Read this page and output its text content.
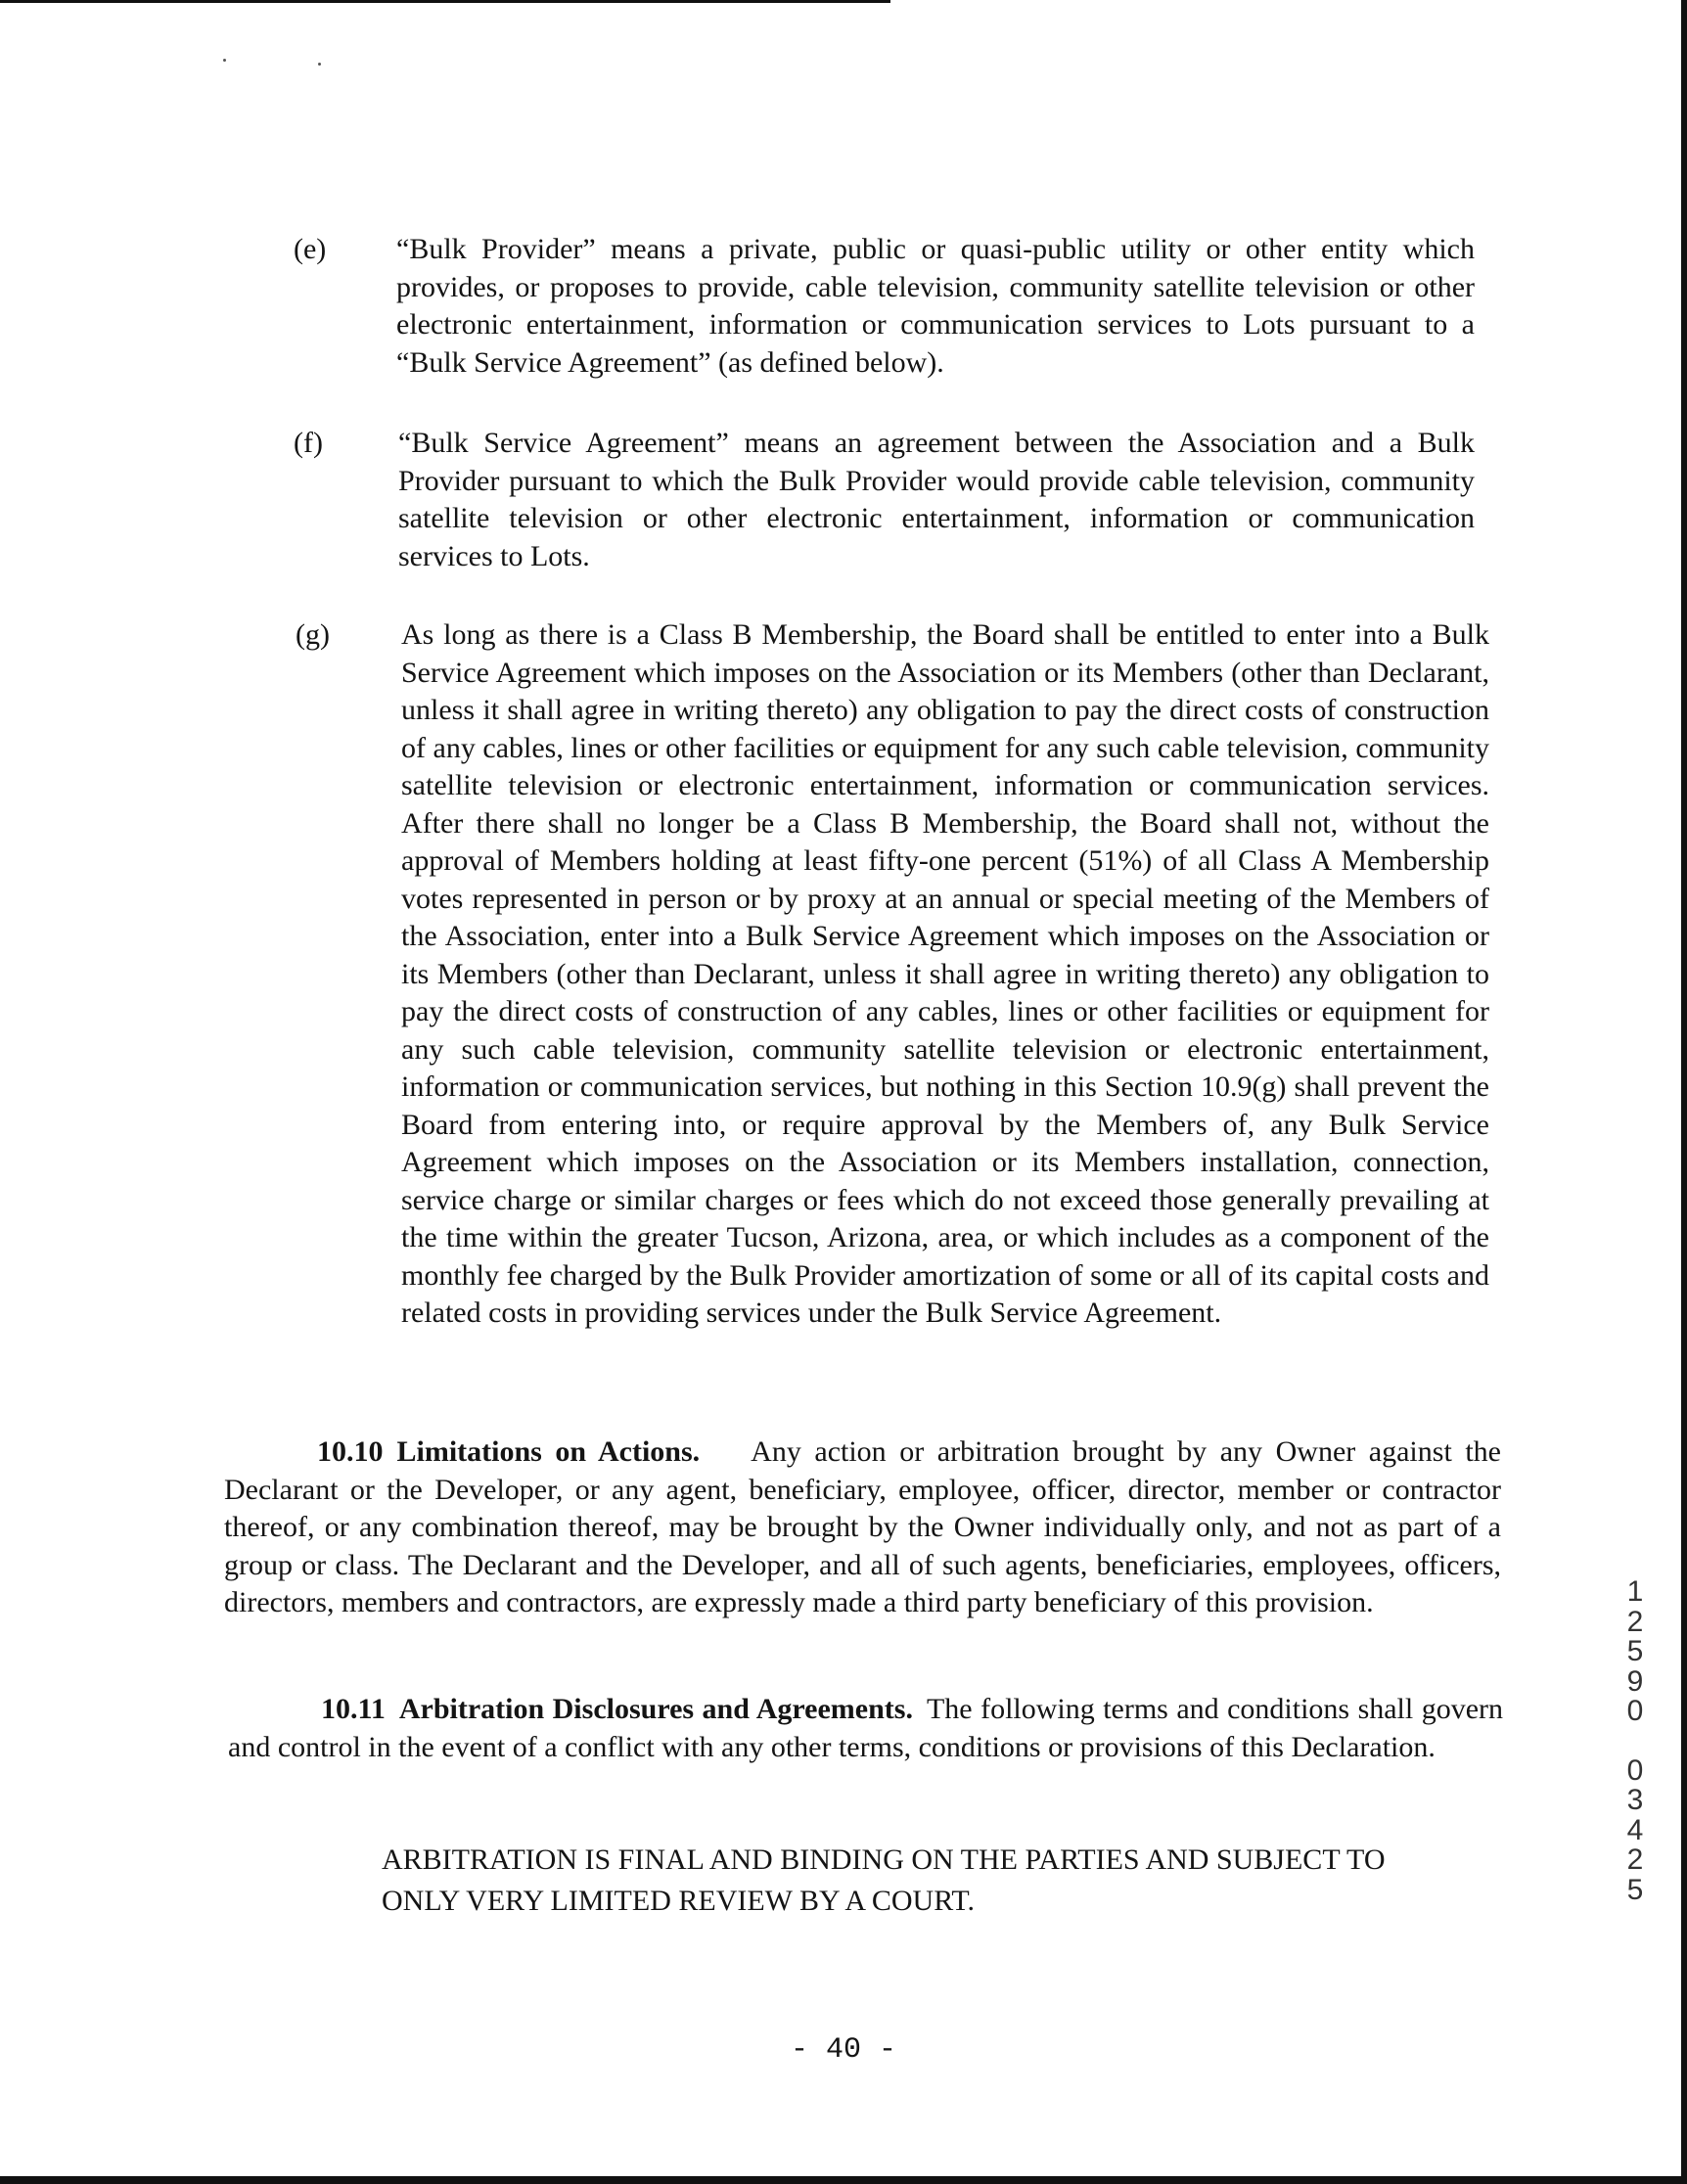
(e) “Bulk Provider” means a private, public or quasi-public utility or other entity which provides, or proposes to provide, cable television, community satellite television or other electronic entertainment, information or communication services to Lots pursuant to a “Bulk Service Agreement” (as defined below).
(f)	“Bulk Service Agreement” means an agreement between the Association and a Bulk Provider pursuant to which the Bulk Provider would provide cable television, community satellite television or other electronic entertainment, information or communication services to Lots.
(g) As long as there is a Class B Membership, the Board shall be entitled to enter into a Bulk Service Agreement which imposes on the Association or its Members (other than Declarant, unless it shall agree in writing thereto) any obligation to pay the direct costs of construction of any cables, lines or other facilities or equipment for any such cable television, community satellite television or electronic entertainment, information or communication services. After there shall no longer be a Class B Membership, the Board shall not, without the approval of Members holding at least fifty-one percent (51%) of all Class A Membership votes represented in person or by proxy at an annual or special meeting of the Members of the Association, enter into a Bulk Service Agreement which imposes on the Association or its Members (other than Declarant, unless it shall agree in writing thereto) any obligation to pay the direct costs of construction of any cables, lines or other facilities or equipment for any such cable television, community satellite television or electronic entertainment, information or communication services, but nothing in this Section 10.9(g) shall prevent the Board from entering into, or require approval by the Members of, any Bulk Service Agreement which imposes on the Association or its Members installation, connection, service charge or similar charges or fees which do not exceed those generally prevailing at the time within the greater Tucson, Arizona, area, or which includes as a component of the monthly fee charged by the Bulk Provider amortization of some or all of its capital costs and related costs in providing services under the Bulk Service Agreement.
10.10 Limitations on Actions. Any action or arbitration brought by any Owner against the Declarant or the Developer, or any agent, beneficiary, employee, officer, director, member or contractor thereof, or any combination thereof, may be brought by the Owner individually only, and not as part of a group or class. The Declarant and the Developer, and all of such agents, beneficiaries, employees, officers, directors, members and contractors, are expressly made a third party beneficiary of this provision.
10.11 Arbitration Disclosures and Agreements. The following terms and conditions shall govern and control in the event of a conflict with any other terms, conditions or provisions of this Declaration.
ARBITRATION IS FINAL AND BINDING ON THE PARTIES AND SUBJECT TO
ONLY VERY LIMITED REVIEW BY A COURT.
- 40 -
12590
03425
